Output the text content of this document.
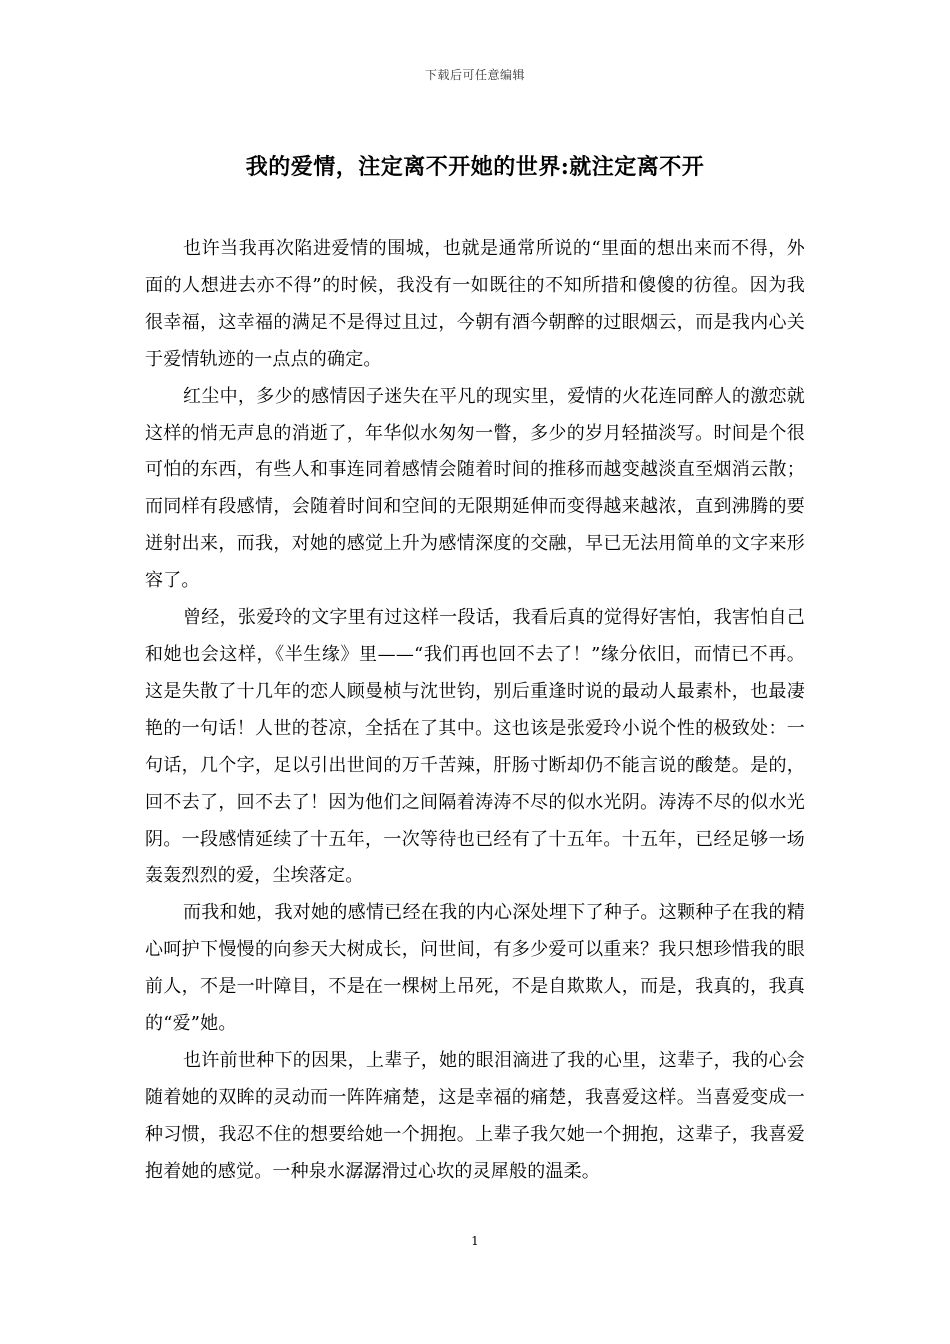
下载后可任意编辑
我的爱情，注定离不开她的世界:就注定离不开

也许当我再次陷进爱情的围城，也就是通常所说的“里面的想出来而不得，外面的人想进去亦不得”的时候，我没有一如既往的不知所措和傻傻的彷徨。因为我很幸福，这幸福的满足不是得过且过，今朝有酒今朝醉的过眼烟云，而是我内心关于爱情轨迹的一点点的确定。

红尘中，多少的感情因子迷失在平凡的现实里，爱情的火花连同醉人的激恋就这样的悄无声息的消逝了，年华似水匆匆一瞥，多少的岁月轻描淡写。时间是个很可怕的东西，有些人和事连同着感情会随着时间的推移而越变越淡直至烟消云散；而同样有段感情，会随着时间和空间的无限期延伸而变得越来越浓，直到沸腾的要迸射出来，而我，对她的感觉上升为感情深度的交融，早已无法用简单的文字来形容了。

曾经，张爱玲的文字里有过这样一段话，我看后真的觉得好害怕，我害怕自己和她也会这样，《半生缘》里——“我们再也回不去了！”缘分依旧，而情已不再。这是失散了十几年的恋人顾曼桢与沈世钧，别后重逢时说的最动人最素朴，也最凄艳的一句话！人世的苍凉，全括在了其中。这也该是张爱玲小说个性的极致处：一句话，几个字，足以引出世间的万千苦辣，肝肠寸断却仍不能言说的酸楚。是的，回不去了，回不去了！因为他们之间隔着涛涛不尽的似水光阴。涛涛不尽的似水光阴。一段感情延续了十五年，一次等待也已经有了十五年。十五年，已经足够一场轰轰烈烈的爱，尘埃落定。

而我和她，我对她的感情已经在我的内心深处埋下了种子。这颗种子在我的精心呵护下慢慢的向参天大树成长，问世间，有多少爱可以重来？我只想珍惜我的眼前人，不是一叶障目，不是在一棵树上吊死，不是自欺欺人，而是，我真的，我真的“爱”她。

也许前世种下的因果，上辈子，她的眼泪滴进了我的心里，这辈子，我的心会随着她的双眸的灵动而一阵阵痛楚，这是幸福的痛楚，我喜爱这样。当喜爱变成一种习惯，我忍不住的想要给她一个拥抱。上辈子我欠她一个拥抱，这辈子，我喜爱抱着她的感觉。一种泉水潺潺滑过心坎的灵犀般的温柔。

1
